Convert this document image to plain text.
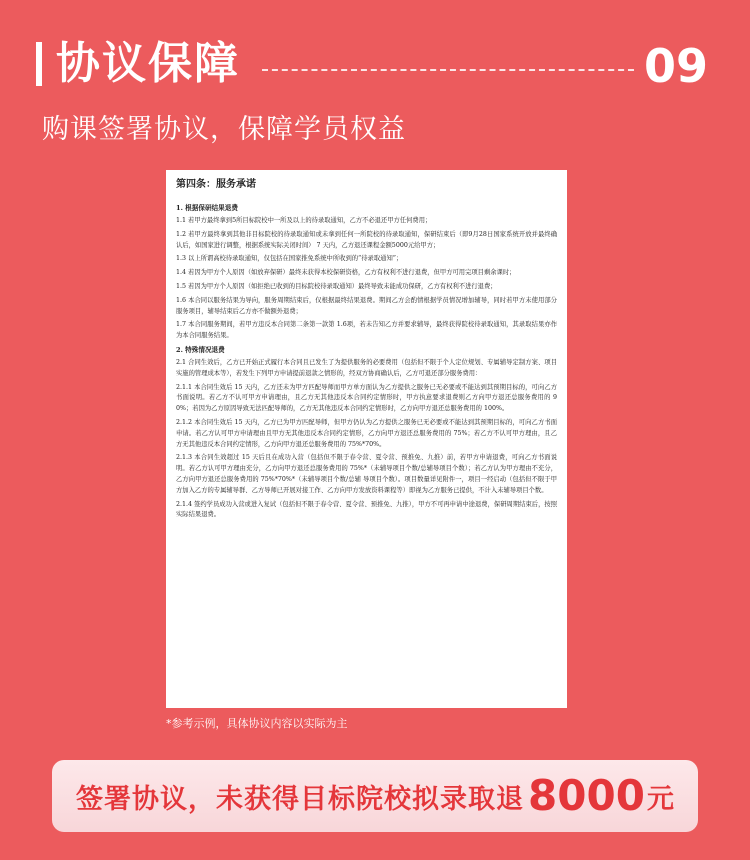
协议保障	09
购课签署协议，保障学员权益
第四条：服务承诺
1. 根据保研结果退费
1.1 若甲方最终拿到5所目标院校中一所及以上的待录取通知，乙方不必退还甲方任何费用；
1.2 若甲方最终拿到其他非目标院校的待录取通知或未拿到任何一所院校的待录取通知，保研结束后（即9月28日国家系统开放并最终确认后，如国家进行调整，根据系统实际关闭时间） 7 天内，乙方退还课程金额5000元给甲方；
1.3 以上所谓高校待录取通知，仅包括在国家推免系统中所收到的“待录取通知”；
1.4 若因为甲方个人原因（如放弃保研）最终未获得本校保研资格，乙方有权利不进行退费，但甲方可用完项目剩余课时；
1.5 若因为甲方个人原因（如拒绝已收到的目标院校待录取通知）最终导致未能成功保研，乙方有权利不进行退费；
1.6 本合同以服务结果为导向，服务周期结束后，仅根据最终结果退费。期间乙方会酌情根据学员情况增加辅导，同时若甲方未使用部分服务项目，辅导结束后乙方亦不做额外退费；
1.7 本合同服务期间，若甲方违反本合同第二条第一款第 1.6项，若未告知乙方并要求辅导，最终获得院校待录取通知，其录取结果亦作为本合同服务结果。
2. 特殊情况退费
2.1 合同生效后，乙方已开始正式履行本合同且已发生了为提供服务的必要费用（包括但不限于个人定位规划、专属辅导定制方案、项目实施的管理成本等），若发生下列甲方申请提前退款之情形的，经双方协商确认后，乙方可退还部分服务费用：
2.1.1 本合同生效后 15 天内，乙方还未为甲方匹配导师而甲方单方面认为乙方提供之服务已无必要或不能达到其预期目标的，可向乙方书面说明。若乙方不认可甲方申请理由，且乙方无其他违反本合同约定情形时，甲方执意要求退费则乙方向甲方退还总服务费用的 90%；若因为乙方原因导致无法匹配导师的，乙方无其他违反本合同约定情形时，乙方向甲方退还总服务费用的 100%。
2.1.2 本合同生效后 15 天内，乙方已为甲方匹配导师，但甲方仍认为乙方提供之服务已无必要或不能达到其预期目标的，可向乙方书面申请。若乙方认可甲方申请理由且甲方无其他违反本合同约定情形，乙方向甲方退还总服务费用的 75%；若乙方不认可甲方理由，且乙方无其他违反本合同约定情形，乙方向甲方退还总服务费用的 75%*70%。
2.1.3 本合同生效超过 15 天后且在成功入营（包括但不限于春令营、夏令营、预推免、九推）前，若甲方申请退费，可向乙方书面说明。若乙方认可甲方理由充分，乙方向甲方退还总服务费用的 75%*（未辅导项目个数/总辅导项目个数）；若乙方认为甲方理由不充分，乙方向甲方退还总服务费用的 75%*70%*（未辅导项目个数/总辅 导项目个数）。项目数量详见附件一，项目一经启动（包括但不限于甲方加入乙方的专属辅导群、乙方导师已开展对接工作、乙方向甲方发放资料课程等）即视为乙方服务已提供，不计入未辅导项目个数。
2.1.4 签约学员成功入营或进入复试（包括但不限于春令营、夏令营、预推免、九推），甲方不可再申请中途退费，保研周期结束后，按照实际结果退费。
*参考示例，具体协议内容以实际为主
签署协议，未获得目标院校拟录取退 8000 元
